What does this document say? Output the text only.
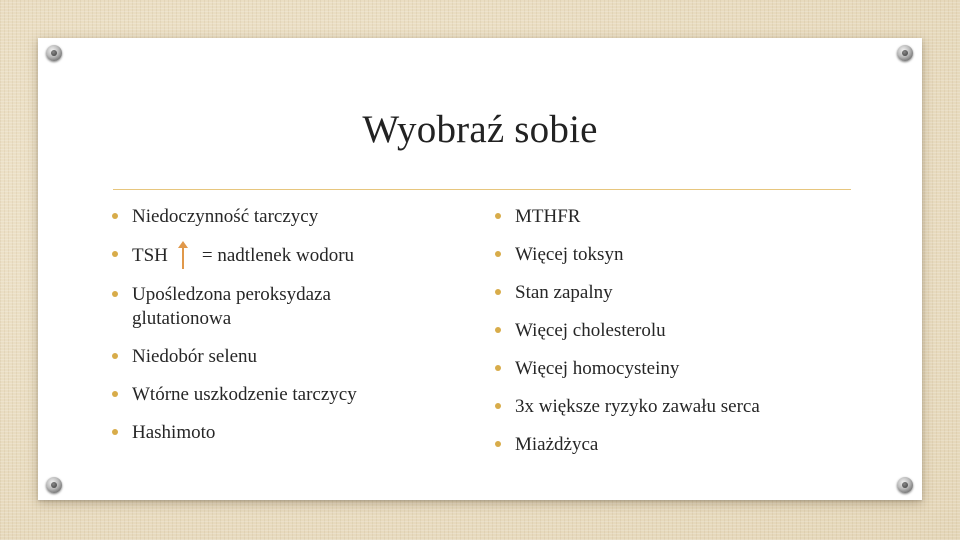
Wyobraź sobie
Niedoczynność tarczycy
TSH = nadtlenek wodoru
Upośledzona peroksydaza glutationowa
Niedobór selenu
Wtórne uszkodzenie tarczycy
Hashimoto
MTHFR
Więcej toksyn
Stan zapalny
Więcej cholesterolu
Więcej homocysteiny
3x większe ryzyko zawału serca
Miażdżyca
